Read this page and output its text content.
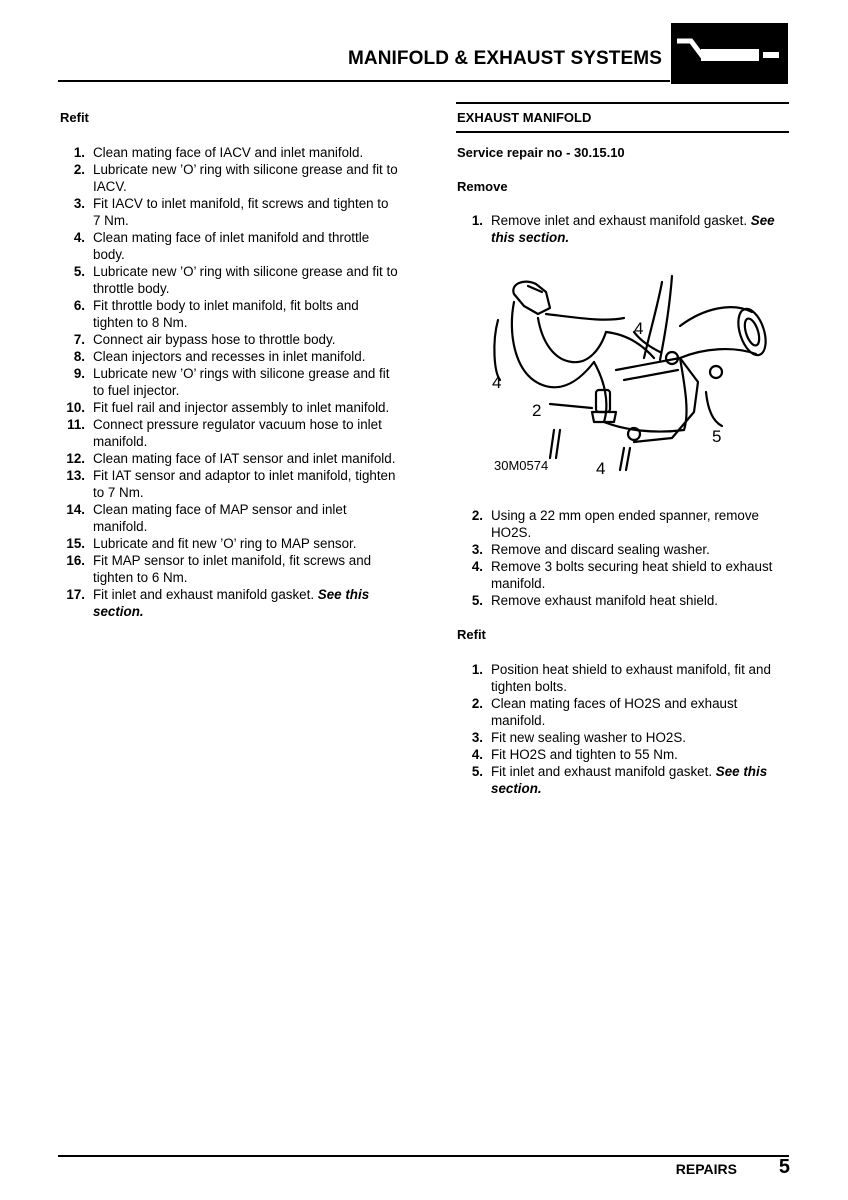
MANIFOLD & EXHAUST SYSTEMS
Refit
1. Clean mating face of IACV and inlet manifold.
2. Lubricate new ’O’ ring with silicone grease and fit to IACV.
3. Fit IACV to inlet manifold, fit screws and tighten to 7 Nm.
4. Clean mating face of inlet manifold and throttle body.
5. Lubricate new ’O’ ring with silicone grease and fit to throttle body.
6. Fit throttle body to inlet manifold, fit bolts and tighten to 8 Nm.
7. Connect air bypass hose to throttle body.
8. Clean injectors and recesses in inlet manifold.
9. Lubricate new ’O’ rings with silicone grease and fit to fuel injector.
10. Fit fuel rail and injector assembly to inlet manifold.
11. Connect pressure regulator vacuum hose to inlet manifold.
12. Clean mating face of IAT sensor and inlet manifold.
13. Fit IAT sensor and adaptor to inlet manifold, tighten to 7 Nm.
14. Clean mating face of MAP sensor and inlet manifold.
15. Lubricate and fit new ’O’ ring to MAP sensor.
16. Fit MAP sensor to inlet manifold, fit screws and tighten to 6 Nm.
17. Fit inlet and exhaust manifold gasket. See this section.
EXHAUST MANIFOLD
Service repair no - 30.15.10
Remove
1. Remove inlet and exhaust manifold gasket. See this section.
4
4
2
5
4
30M0574
2. Using a 22 mm open ended spanner, remove HO2S.
3. Remove and discard sealing washer.
4. Remove 3 bolts securing heat shield to exhaust manifold.
5. Remove exhaust manifold heat shield.
Refit
1. Position heat shield to exhaust manifold, fit and tighten bolts.
2. Clean mating faces of HO2S and exhaust manifold.
3. Fit new sealing washer to HO2S.
4. Fit HO2S and tighten to 55 Nm.
5. Fit inlet and exhaust manifold gasket. See this section.
REPAIRS	5
